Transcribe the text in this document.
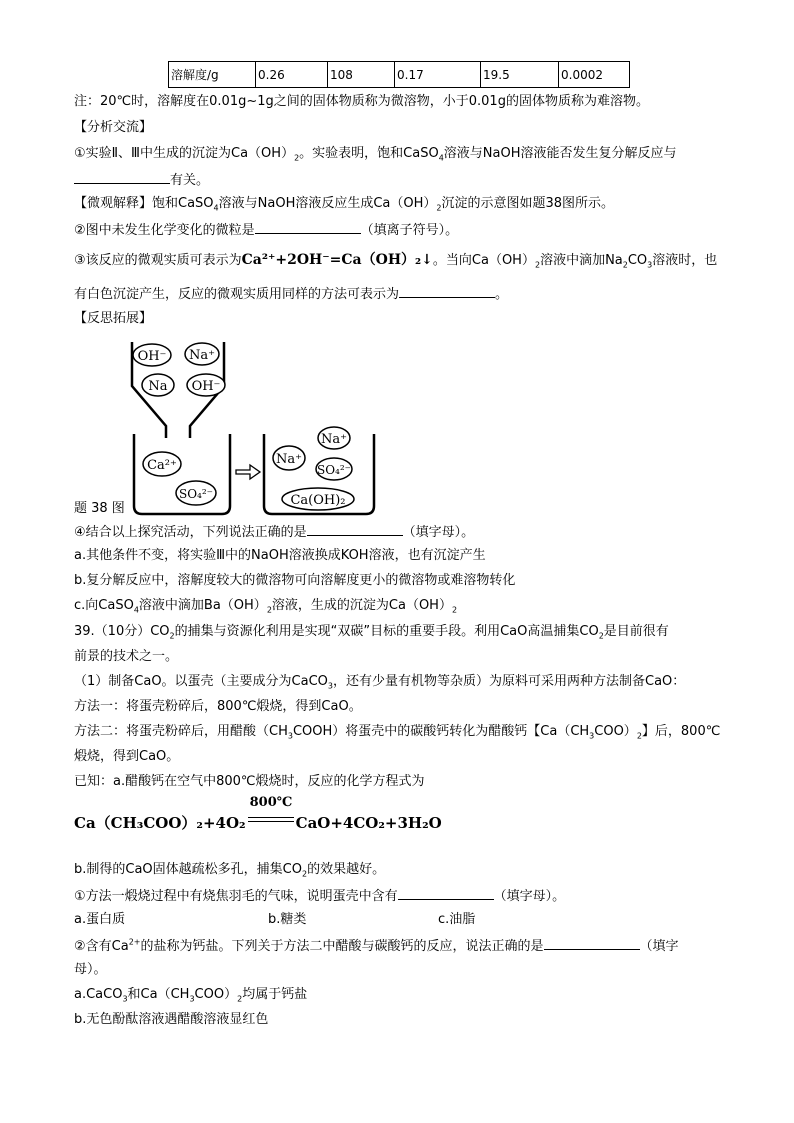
溶解度/g	0.26	108	0.17	19.5	0.0002
注：20℃时，溶解度在0.01g~1g之间的固体物质称为微溶物，小于0.01g的固体物质称为难溶物。
【分析交流】
①实验Ⅱ、Ⅲ中生成的沉淀为$Ca(OH)_2$。实验表明，饱和CaSO$_4$溶液与NaOH溶液能否发生复分解反应与
有关。
【微观解释】饱和CaSO$_4$溶液与NaOH溶液反应生成$Ca(OH)_2$沉淀的示意图如题38图所示。
②图中未发生化学变化的微粒是	（填离子符号）。
③该反应的微观实质可表示为Ca²⁺+2OH⁻=Ca（OH）₂↓。当向$Ca(OH)_2$溶液中滴加$Na_2CO_3$溶液时，也
有白色沉淀产生，反应的微观实质用同样的方法可表示为	。
【反思拓展】
OH⁻ Na⁺
Na OH⁻
Ca²⁺
SO₄²⁻
Na⁺
Na⁺
SO₄²⁻
Ca(OH)₂
题 38 图
④结合以上探究活动，下列说法正确的是	（填字母）。
a.其他条件不变，将实验Ⅲ中的NaOH溶液换成KOH溶液，也有沉淀产生
b.复分解反应中，溶解度较大的微溶物可向溶解度更小的微溶物或难溶物转化
c.向CaSO$_4$溶液中滴加$Ba(OH)_2$溶液，生成的沉淀为$Ca(OH)_2$
39.（10分）$CO_2$的捕集与资源化利用是实现“双碳”目标的重要手段。利用CaO高温捕集$CO_2$是目前很有
前景的技术之一。
（1）制备CaO。以蛋壳（主要成分为CaCO$_3$，还有少量有机物等杂质）为原料可采用两种方法制备CaO：
方法一：将蛋壳粉碎后，800℃煅烧，得到CaO。
方法二：将蛋壳粉碎后，用醋酸$(CH_3COOH)$将蛋壳中的碳酸钙转化为醋酸钙【$Ca(CH_3COO)_2$】后，800℃
煅烧，得到CaO。
已知：a.醋酸钙在空气中800℃煅烧时，反应的化学方程式为
Ca（CH₃COO）₂+4O₂
800℃
CaO+4CO₂+3H₂O
b.制得的CaO固体越疏松多孔，捕集$CO_2$的效果越好。
①方法一煅烧过程中有烧焦羽毛的气味，说明蛋壳中含有	（填字母）。
a.蛋白质	b.糖类	c.油脂
②含有$Ca^{2+}$的盐称为钙盐。下列关于方法二中醋酸与碳酸钙的反应，说法正确的是	（填字
母）。
a.CaCO$_3$和$Ca(CH_3COO)_2$均属于钙盐
b.无色酚酞溶液遇醋酸溶液显红色
